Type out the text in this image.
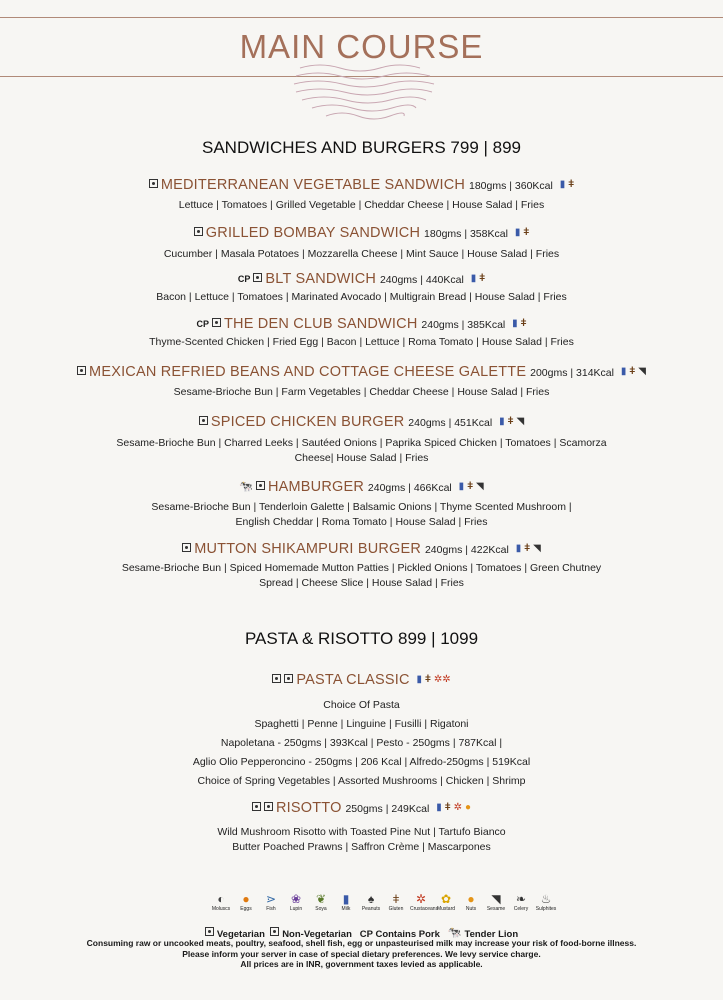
MAIN COURSE
SANDWICHES AND BURGERS 799 | 899
MEDITERRANEAN VEGETABLE SANDWICH 180gms | 360Kcal ▮ ǂ
Lettuce | Tomatoes | Grilled Vegetable | Cheddar Cheese | House Salad | Fries
GRILLED BOMBAY SANDWICH 180gms | 358Kcal ▮ ǂ
Cucumber | Masala Potatoes | Mozzarella Cheese | Mint Sauce | House Salad | Fries
CP BLT SANDWICH 240gms | 440Kcal ▮ ǂ
Bacon | Lettuce | Tomatoes | Marinated Avocado | Multigrain Bread | House Salad | Fries
CP THE DEN CLUB SANDWICH 240gms | 385Kcal ▮ ǂ
Thyme-Scented Chicken | Fried Egg | Bacon | Lettuce | Roma Tomato | House Salad | Fries
MEXICAN REFRIED BEANS AND COTTAGE CHEESE GALETTE 200gms | 314Kcal ▮ ǂ ◥
Sesame-Brioche Bun | Farm Vegetables | Cheddar Cheese | House Salad | Fries
SPICED CHICKEN BURGER 240gms | 451Kcal ▮ ǂ ◥
Sesame-Brioche Bun | Charred Leeks | Sautéed Onions | Paprika Spiced Chicken | Tomatoes | Scamorza
Cheese| House Salad | Fries
🐄 HAMBURGER 240gms | 466Kcal ▮ ǂ ◥
Sesame-Brioche Bun | Tenderloin Galette | Balsamic Onions | Thyme Scented Mushroom |
English Cheddar | Roma Tomato | House Salad | Fries
MUTTON SHIKAMPURI BURGER 240gms | 422Kcal ▮ ǂ ◥
Sesame-Brioche Bun | Spiced Homemade Mutton Patties | Pickled Onions | Tomatoes | Green Chutney
Spread | Cheese Slice | House Salad | Fries
PASTA & RISOTTO 899 | 1099
PASTA CLASSIC ▮ ǂ ✲✲
Choice Of Pasta
Spaghetti | Penne | Linguine | Fusilli | Rigatoni
Napoletana - 250gms | 393Kcal | Pesto - 250gms | 787Kcal |
Aglio Olio Pepperoncino - 250gms | 206 Kcal | Alfredo-250gms | 519Kcal
Choice of Spring Vegetables | Assorted Mushrooms | Chicken | Shrimp
RISOTTO 250gms | 249Kcal ▮ ǂ ✲ ●
Wild Mushroom Risotto with Toasted Pine Nut | Tartufo Bianco
Butter Poached Prawns | Saffron Crème | Mascarpones
◐
Moluscs
●
Eggs
⋗
Fish
❀
Lupin
❦
Soya
▮
Milk
♠
Peanuts
ǂ
Gluten
✲
Crustaceans
✿
Mustard
●
Nuts
◥
Sesame
❧
Celery
♨
Sulphites
Vegetarian Non-Vegetarian CP Contains Pork 🐄 Tender Lion
Consuming raw or uncooked meats, poultry, seafood, shell fish, egg or unpasteurised milk may increase your risk of food-borne illness.
Please inform your server in case of special dietary preferences. We levy service charge.
All prices are in INR, government taxes levied as applicable.
